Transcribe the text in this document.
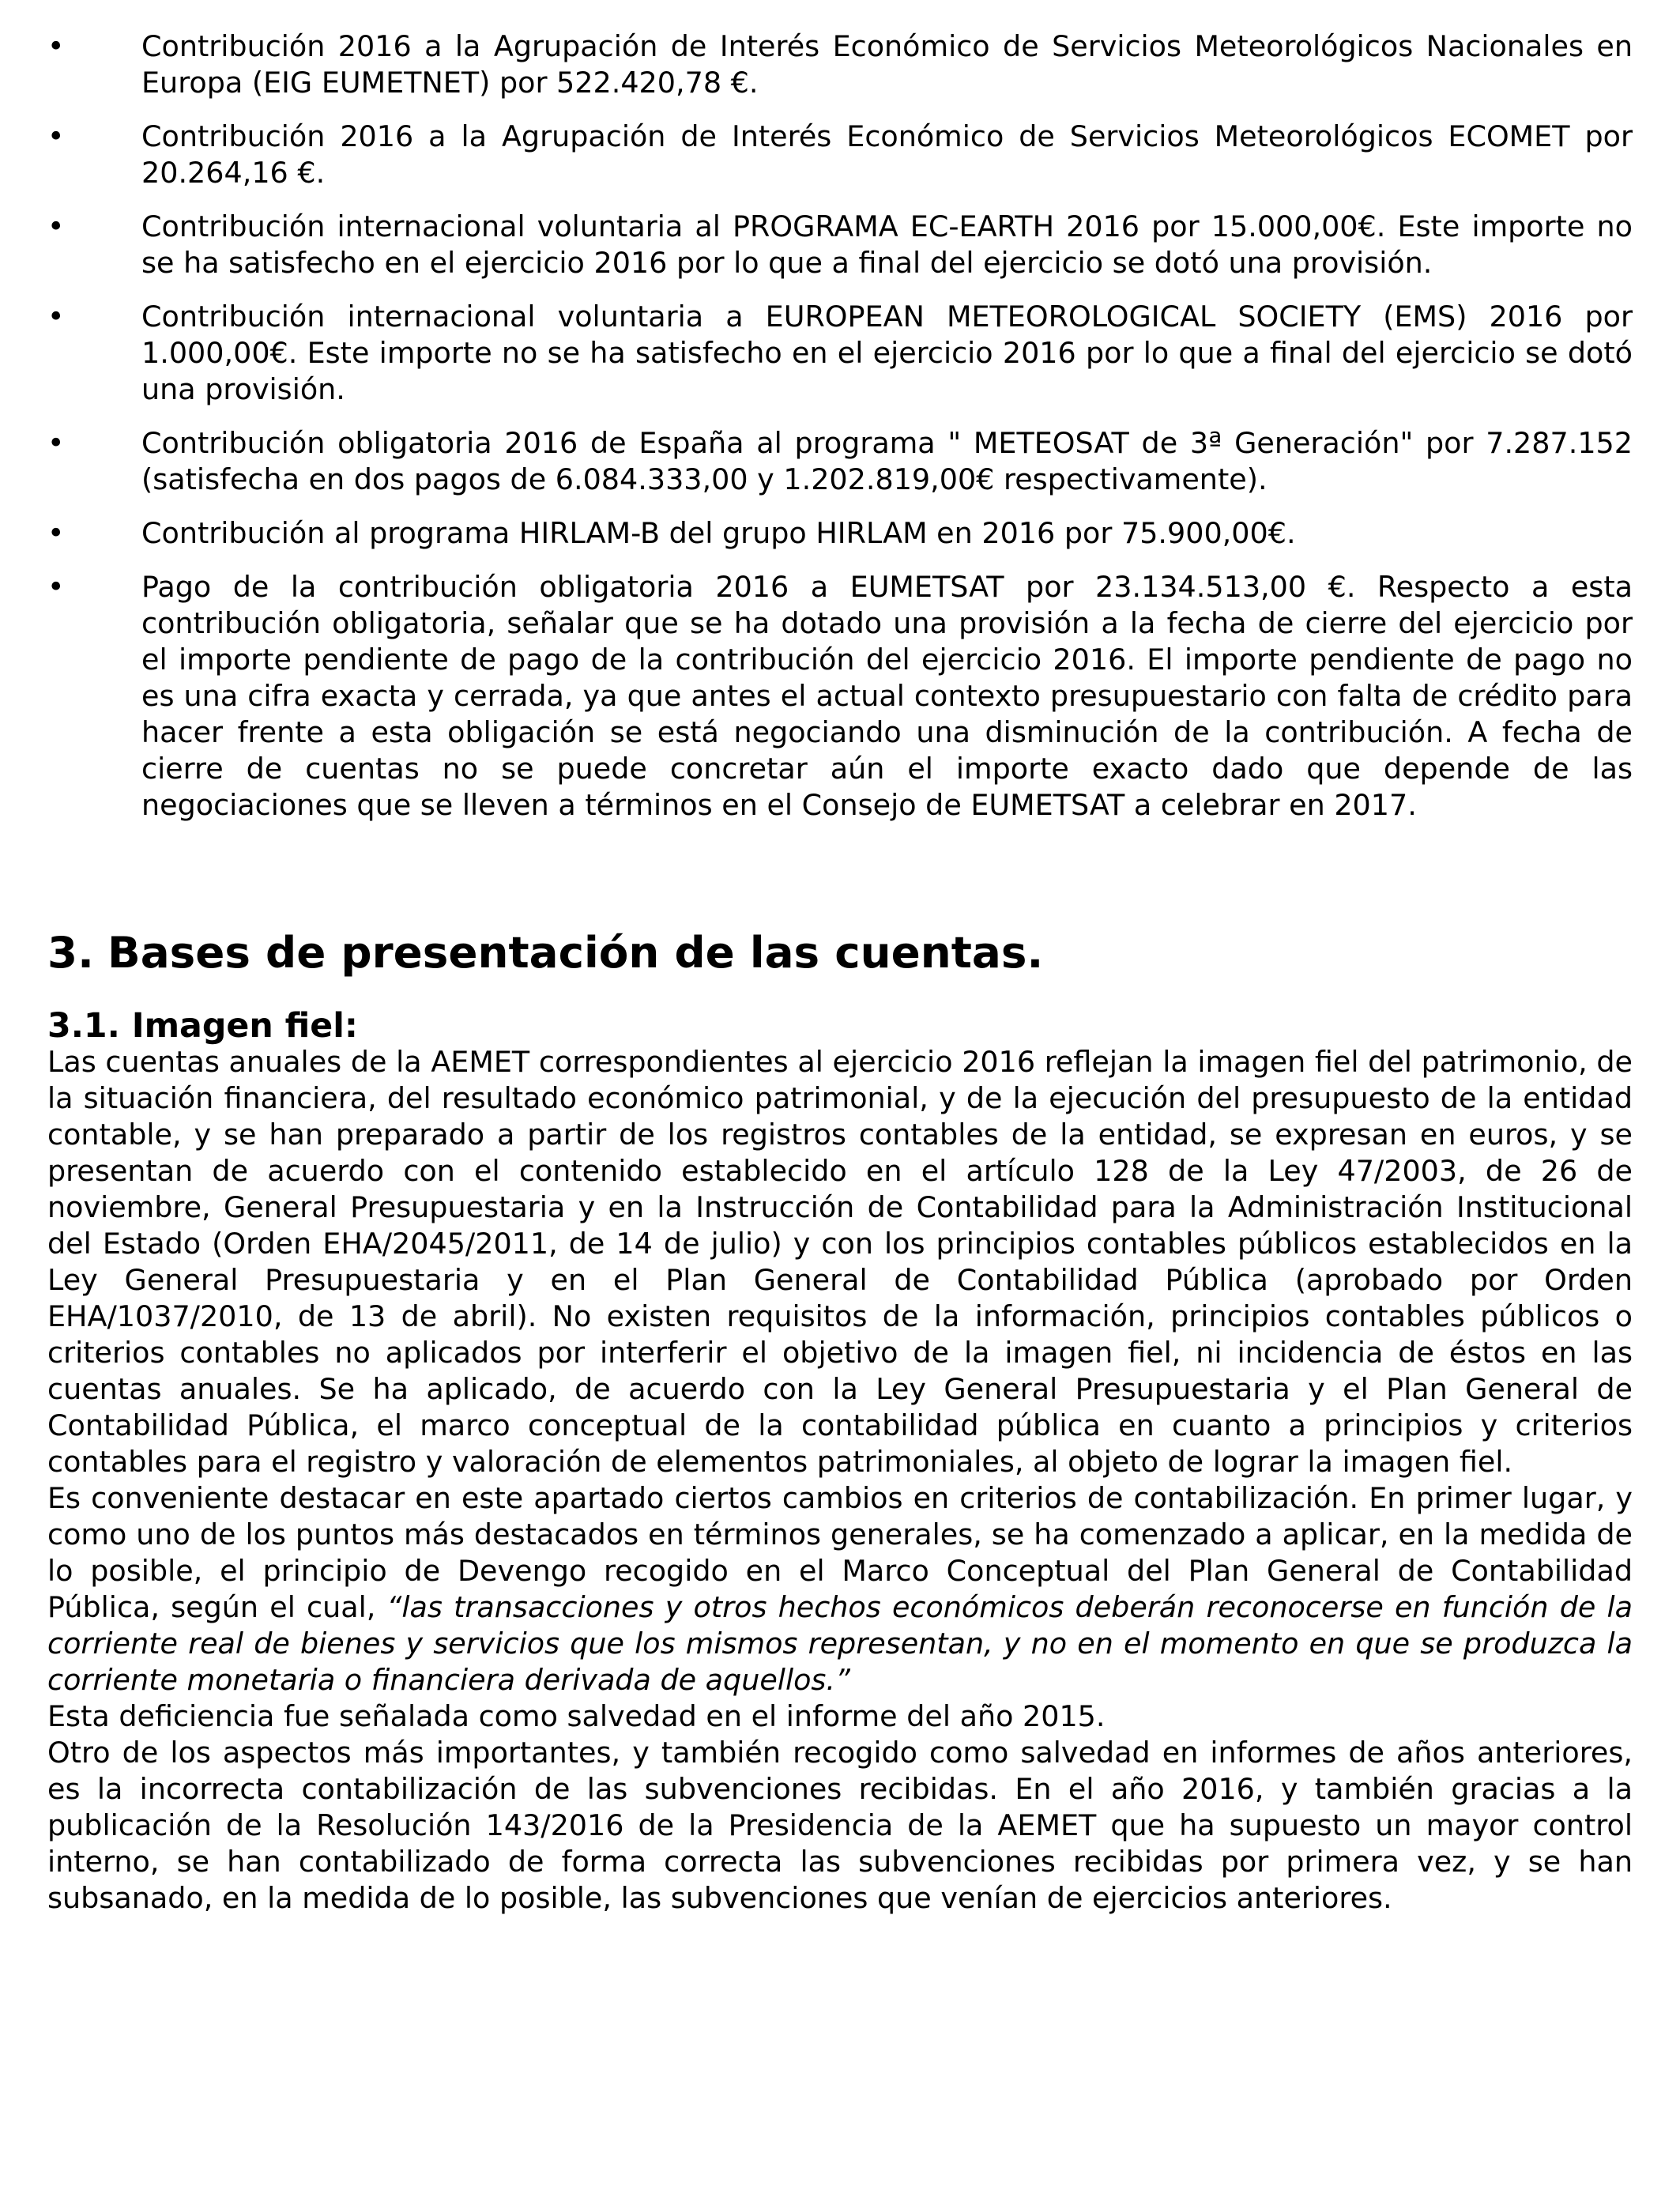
•	Contribución 2016 a la Agrupación de Interés Económico de Servicios Meteorológicos Nacionales en Europa (EIG EUMETNET) por 522.420,78 €.
•	Contribución 2016 a la Agrupación de Interés Económico de Servicios Meteorológicos ECOMET por 20.264,16 €.
•	Contribución internacional voluntaria al PROGRAMA EC-EARTH 2016 por 15.000,00€. Este importe no se ha satisfecho en el ejercicio 2016 por lo que a final del ejercicio se dotó una provisión.
•	Contribución internacional voluntaria a EUROPEAN METEOROLOGICAL SOCIETY (EMS) 2016 por 1.000,00€. Este importe no se ha satisfecho en el ejercicio 2016 por lo que a final del ejercicio se dotó una provisión.
•	Contribución obligatoria 2016 de España al programa " METEOSAT de 3ª Generación" por 7.287.152 (satisfecha en dos pagos de 6.084.333,00 y 1.202.819,00€ respectivamente).
•	Contribución al programa HIRLAM-B del grupo HIRLAM en 2016 por 75.900,00€.
•	Pago de la contribución obligatoria 2016 a EUMETSAT por 23.134.513,00 €. Respecto a esta contribución obligatoria, señalar que se ha dotado una provisión a la fecha de cierre del ejercicio por el importe pendiente de pago de la contribución del ejercicio 2016. El importe pendiente de pago no es una cifra exacta y cerrada, ya que antes el actual contexto presupuestario con falta de crédito para hacer frente a esta obligación se está negociando una disminución de la contribución. A fecha de cierre de cuentas no se puede concretar aún el importe exacto dado que depende de las negociaciones que se lleven a términos en el Consejo de EUMETSAT a celebrar en 2017.
3. Bases de presentación de las cuentas.
3.1. Imagen fiel:

Las cuentas anuales de la AEMET correspondientes al ejercicio 2016 reflejan la imagen fiel del patrimonio, de la situación financiera, del resultado económico patrimonial, y de la ejecución del presupuesto de la entidad contable, y se han preparado a partir de los registros contables de la entidad, se expresan en euros, y se presentan de acuerdo con el contenido establecido en el artículo 128 de la Ley 47/2003, de 26 de noviembre, General Presupuestaria y en la Instrucción de Contabilidad para la Administración Institucional del Estado (Orden EHA/2045/2011, de 14 de julio) y con los principios contables públicos establecidos en la Ley General Presupuestaria y en el Plan General de Contabilidad Pública (aprobado por Orden EHA/1037/2010, de 13 de abril). No existen requisitos de la información, principios contables públicos o criterios contables no aplicados por interferir el objetivo de la imagen fiel, ni incidencia de éstos en las cuentas anuales. Se ha aplicado, de acuerdo con la Ley General Presupuestaria y el Plan General de Contabilidad Pública, el marco conceptual de la contabilidad pública en cuanto a principios y criterios contables para el registro y valoración de elementos patrimoniales, al objeto de lograr la imagen fiel.

Es conveniente destacar en este apartado ciertos cambios en criterios de contabilización. En primer lugar, y como uno de los puntos más destacados en términos generales, se ha comenzado a aplicar, en la medida de lo posible, el principio de Devengo recogido en el Marco Conceptual del Plan General de Contabilidad Pública, según el cual, “las transacciones y otros hechos económicos deberán reconocerse en función de la corriente real de bienes y servicios que los mismos representan, y no en el momento en que se produzca la corriente monetaria o financiera derivada de aquellos.”

Esta deficiencia fue señalada como salvedad en el informe del año 2015.

Otro de los aspectos más importantes, y también recogido como salvedad en informes de años anteriores, es la incorrecta contabilización de las subvenciones recibidas. En el año 2016, y también gracias a la publicación de la Resolución 143/2016 de la Presidencia de la AEMET que ha supuesto un mayor control interno, se han contabilizado de forma correcta las subvenciones recibidas por primera vez, y se han subsanado, en la medida de lo posible, las subvenciones que venían de ejercicios anteriores.
